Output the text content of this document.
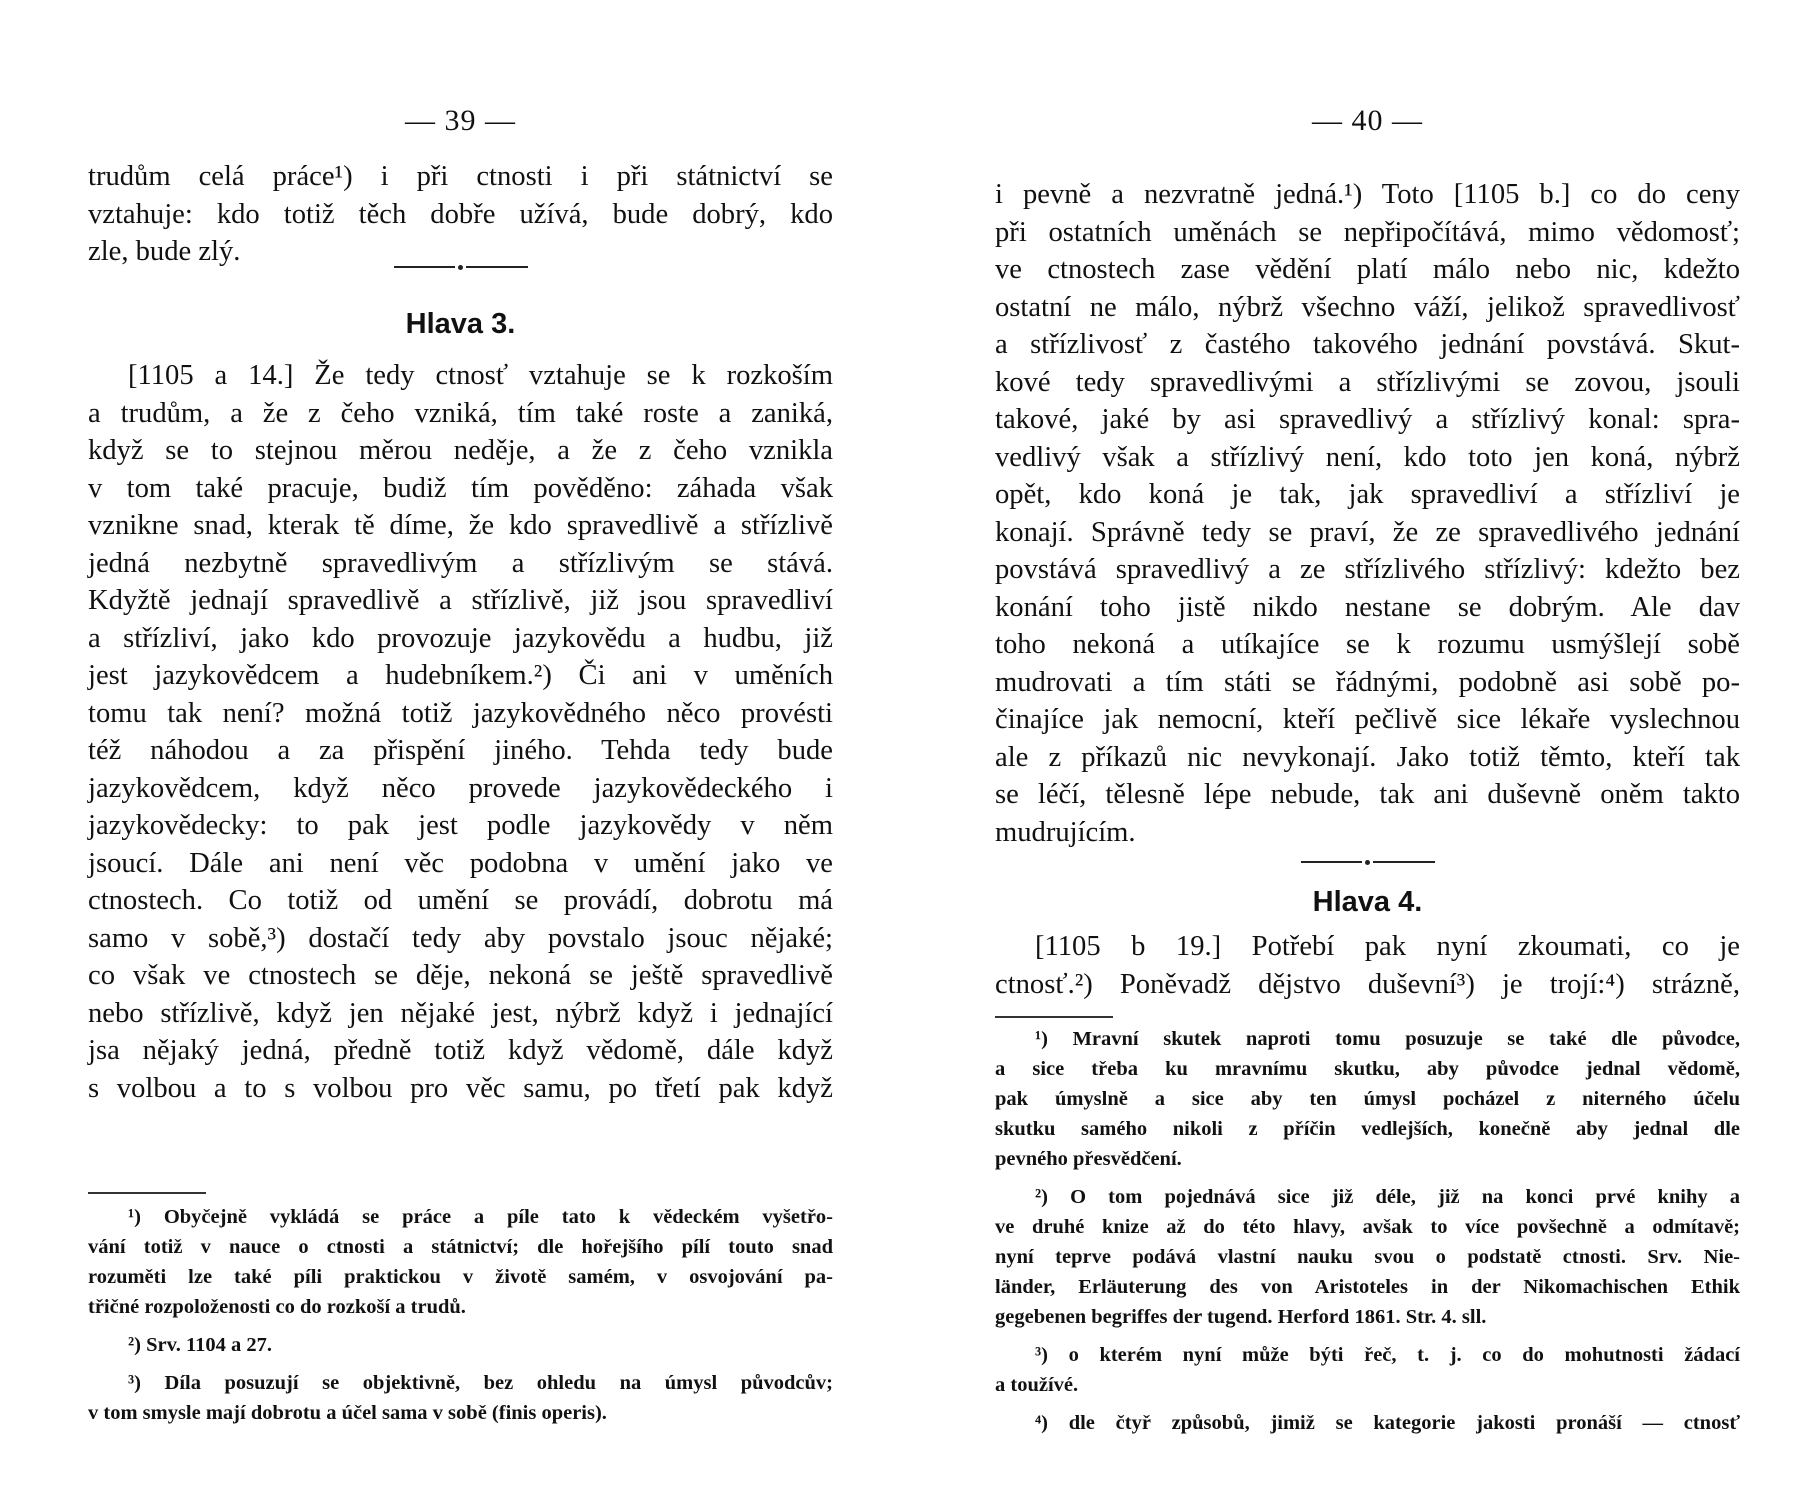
— 39 —
trudům celá práce¹) i při ctnosti i při státnictví se
vztahuje: kdo totiž těch dobře užívá, bude dobrý, kdo
zle, bude zlý.
Hlava 3.
[1105 a 14.] Že tedy ctnosť vztahuje se k rozkoším
a trudům, a že z čeho vzniká, tím také roste a zaniká,
když se to stejnou měrou neděje, a že z čeho vznikla
v tom také pracuje, budiž tím pověděno: záhada však
vznikne snad, kterak tě díme, že kdo spravedlivě a střízlivě
jedná nezbytně spravedlivým a střízlivým se stává.
Kdyžtě jednají spravedlivě a střízlivě, již jsou spravedliví
a střízliví, jako kdo provozuje jazykovědu a hudbu, již
jest jazykovědcem a hudebníkem.²) Či ani v uměních
tomu tak není? možná totiž jazykovědného něco provésti
též náhodou a za přispění jiného. Tehda tedy bude
jazykovědcem, když něco provede jazykovědeckého i
jazykovědecky: to pak jest podle jazykovědy v něm
jsoucí. Dále ani není věc podobna v umění jako ve
ctnostech. Co totiž od umění se provádí, dobrotu má
samo v sobě,³) dostačí tedy aby povstalo jsouc nějaké;
co však ve ctnostech se děje, nekoná se ještě spravedlivě
nebo střízlivě, když jen nějaké jest, nýbrž když i jednající
jsa nějaký jedná, předně totiž když vědomě, dále když
s volbou a to s volbou pro věc samu, po třetí pak když
¹) Obyčejně vykládá se práce a píle tato k vědeckém vyšetřo-
vání totiž v nauce o ctnosti a státnictví; dle hořejšího pílí touto snad
rozuměti lze také píli praktickou v životě samém, v osvojování pa-
třičné rozpoloženosti co do rozkoší a trudů.
²) Srv. 1104 a 27.
³) Díla posuzují se objektivně, bez ohledu na úmysl původcův;
v tom smysle mají dobrotu a účel sama v sobě (finis operis).
— 40 —
i pevně a nezvratně jedná.¹) Toto [1105 b.] co do ceny
při ostatních uměnách se nepřipočítává, mimo vědomosť;
ve ctnostech zase vědění platí málo nebo nic, kdežto
ostatní ne málo, nýbrž všechno váží, jelikož spravedlivosť
a střízlivosť z častého takového jednání povstává. Skut-
kové tedy spravedlivými a střízlivými se zovou, jsouli
takové, jaké by asi spravedlivý a střízlivý konal: spra-
vedlivý však a střízlivý není, kdo toto jen koná, nýbrž
opět, kdo koná je tak, jak spravedliví a střízliví je
konají. Správně tedy se praví, že ze spravedlivého jednání
povstává spravedlivý a ze střízlivého střízlivý: kdežto bez
konání toho jistě nikdo nestane se dobrým. Ale dav
toho nekoná a utíkajíce se k rozumu usmýšlejí sobě
mudrovati a tím státi se řádnými, podobně asi sobě po-
činajíce jak nemocní, kteří pečlivě sice lékaře vyslechnou
ale z příkazů nic nevykonají. Jako totiž těmto, kteří tak
se léčí, tělesně lépe nebude, tak ani duševně oněm takto
mudrujícím.
Hlava 4.
[1105 b 19.] Potřebí pak nyní zkoumati, co je
ctnosť.²) Poněvadž dějstvo duševní³) je trojí:⁴) strázně,
¹) Mravní skutek naproti tomu posuzuje se také dle původce,
a sice třeba ku mravnímu skutku, aby původce jednal vědomě,
pak úmyslně a sice aby ten úmysl pocházel z niterného účelu
skutku samého nikoli z příčin vedlejších, konečně aby jednal dle
pevného přesvědčení.
²) O tom pojednává sice již déle, již na konci prvé knihy a
ve druhé knize až do této hlavy, avšak to více povšechně a odmítavě;
nyní teprve podává vlastní nauku svou o podstatě ctnosti. Srv. Nie-
länder, Erläuterung des von Aristoteles in der Nikomachischen Ethik
gegebenen begriffes der tugend. Herford 1861. Str. 4. sll.
³) o kterém nyní může býti řeč, t. j. co do mohutnosti žádací
a toužívé.
⁴) dle čtyř způsobů, jimiž se kategorie jakosti pronáší — ctnosť
